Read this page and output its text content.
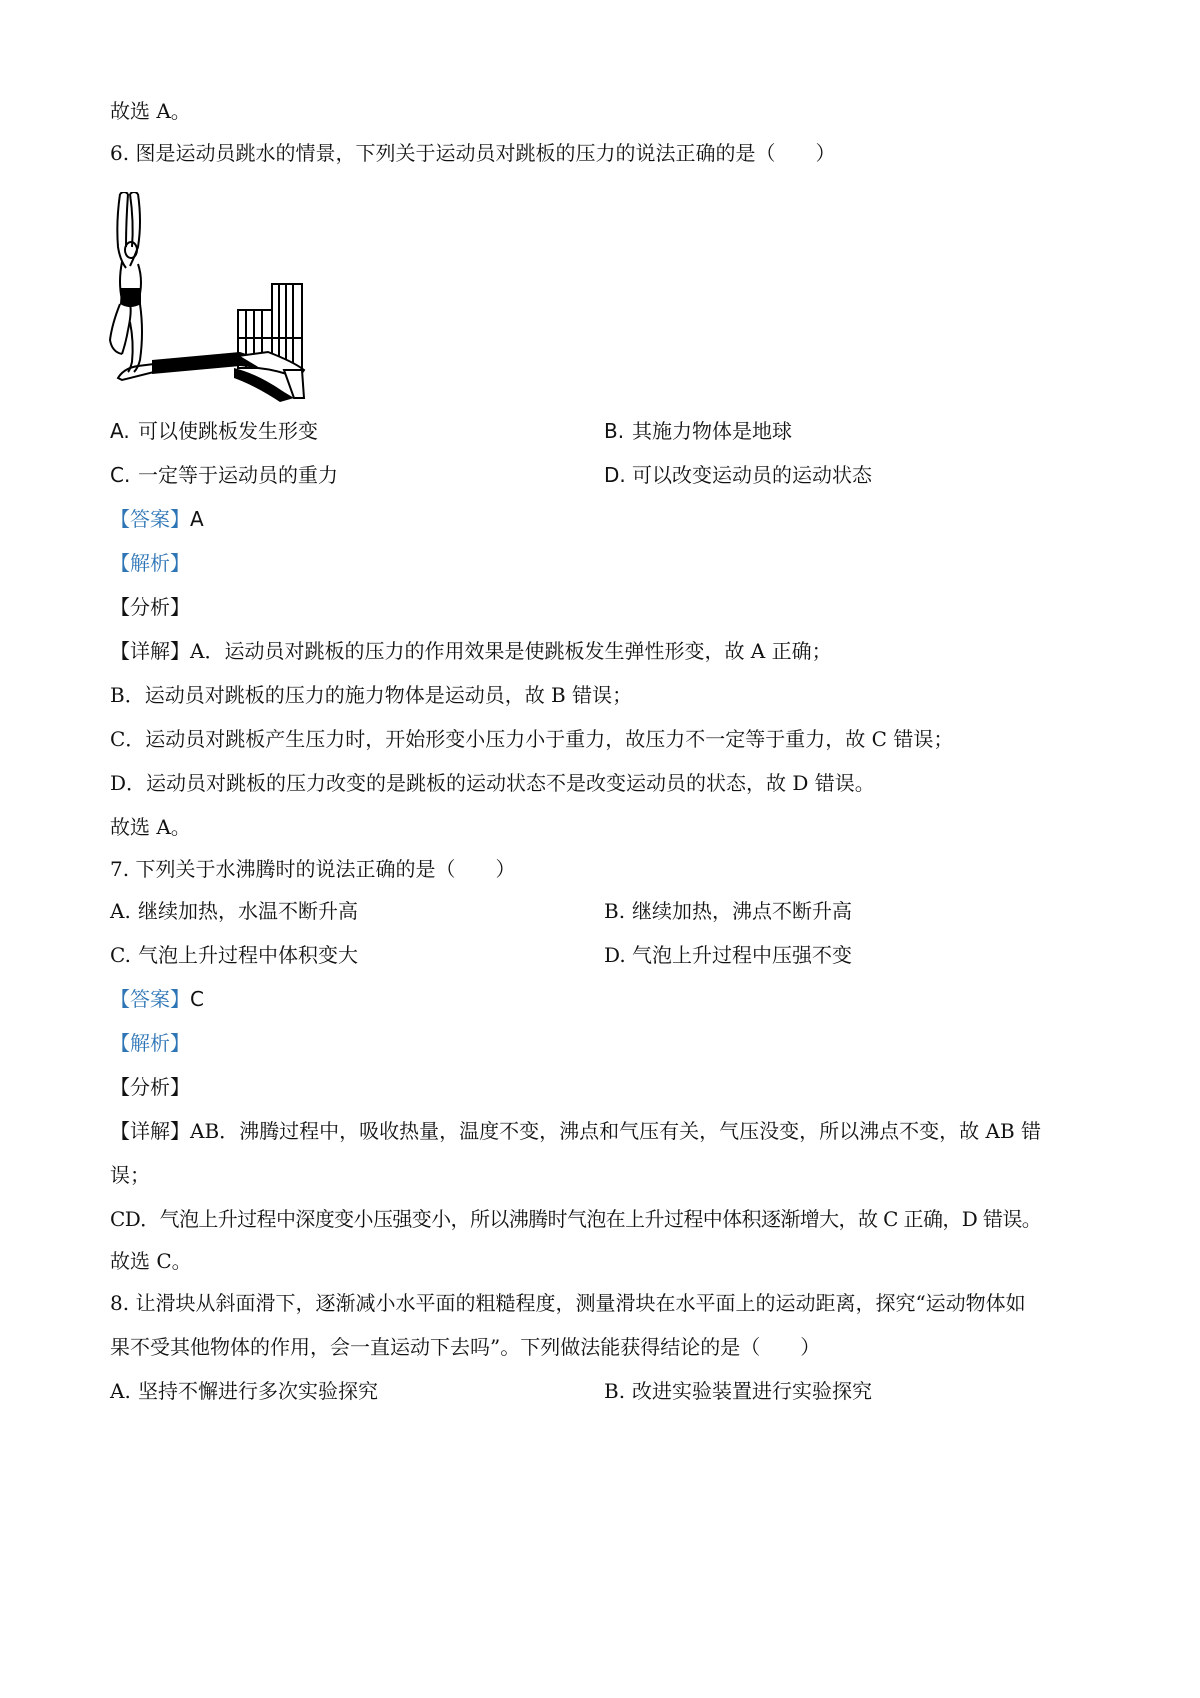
故选 A。
6. 图是运动员跳水的情景，下列关于运动员对跳板的压力的说法正确的是（　　）
A. 可以使跳板发生形变	B. 其施力物体是地球
C. 一定等于运动员的重力	D. 可以改变运动员的运动状态
【答案】A
【解析】
【分析】
【详解】A．运动员对跳板的压力的作用效果是使跳板发生弹性形变，故 A 正确；
B．运动员对跳板的压力的施力物体是运动员，故 B 错误；
C．运动员对跳板产生压力时，开始形变小压力小于重力，故压力不一定等于重力，故 C 错误；
D．运动员对跳板的压力改变的是跳板的运动状态不是改变运动员的状态，故 D 错误。
故选 A。
7. 下列关于水沸腾时的说法正确的是（　　）
A. 继续加热，水温不断升高	B. 继续加热，沸点不断升高
C. 气泡上升过程中体积变大	D. 气泡上升过程中压强不变
【答案】C
【解析】
【分析】
【详解】AB．沸腾过程中，吸收热量，温度不变，沸点和气压有关，气压没变，所以沸点不变，故 AB 错
误；
CD．气泡上升过程中深度变小压强变小，所以沸腾时气泡在上升过程中体积逐渐增大，故 C 正确，D 错误。
故选 C。
8. 让滑块从斜面滑下，逐渐减小水平面的粗糙程度，测量滑块在水平面上的运动距离，探究“运动物体如
果不受其他物体的作用，会一直运动下去吗”。下列做法能获得结论的是（　　）
A. 坚持不懈进行多次实验探究	B. 改进实验装置进行实验探究
